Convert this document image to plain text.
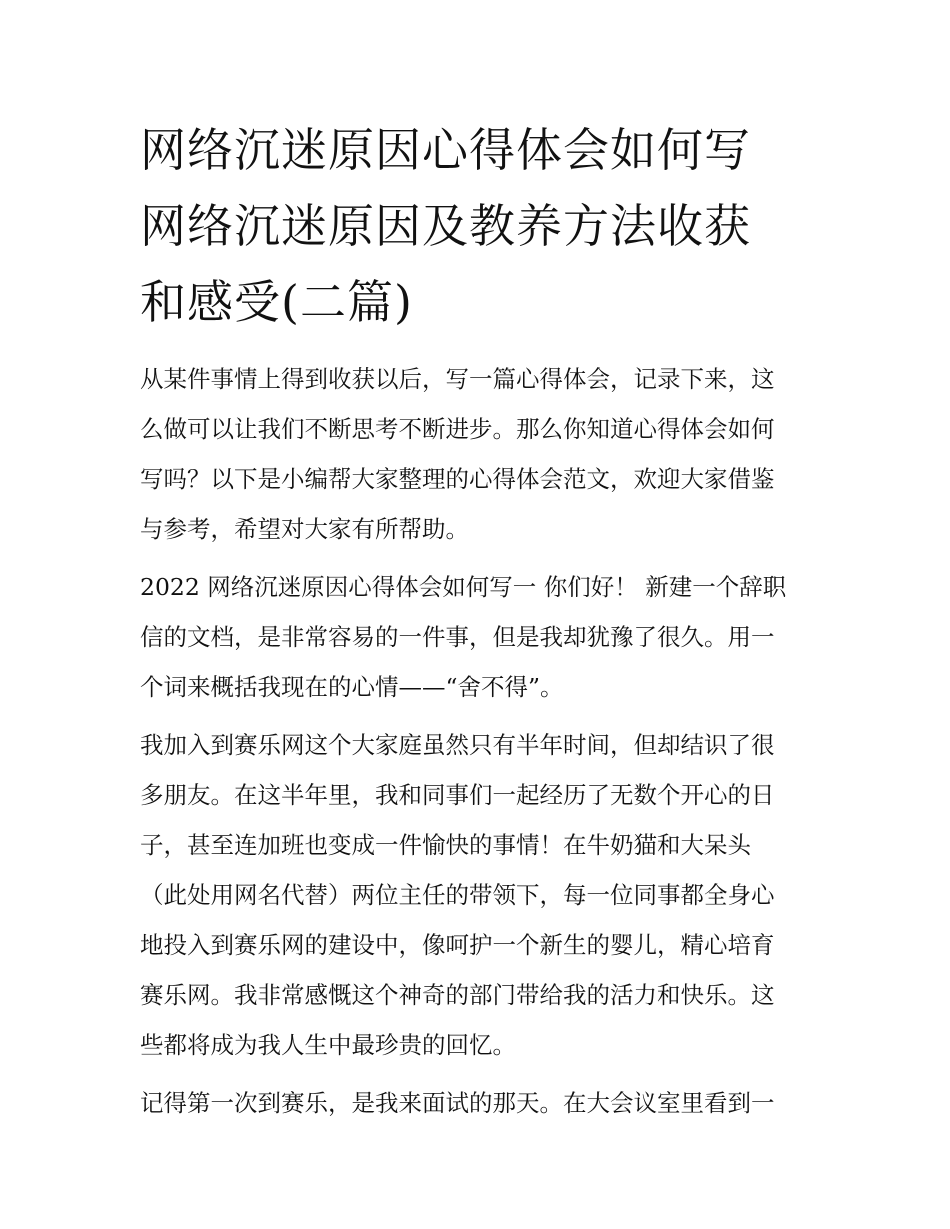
网络沉迷原因心得体会如何写
网络沉迷原因及教养方法收获
和感受(二篇)

从某件事情上得到收获以后，写一篇心得体会，记录下来，这
么做可以让我们不断思考不断进步。那么你知道心得体会如何
写吗？以下是小编帮大家整理的心得体会范文，欢迎大家借鉴
与参考，希望对大家有所帮助。

2022 网络沉迷原因心得体会如何写一 你们好！ 新建一个辞职
信的文档，是非常容易的一件事，但是我却犹豫了很久。用一
个词来概括我现在的心情——“舍不得”。

我加入到赛乐网这个大家庭虽然只有半年时间，但却结识了很
多朋友。在这半年里，我和同事们一起经历了无数个开心的日
子，甚至连加班也变成一件愉快的事情！在牛奶猫和大呆头
（此处用网名代替）两位主任的带领下，每一位同事都全身心
地投入到赛乐网的建设中，像呵护一个新生的婴儿，精心培育
赛乐网。我非常感慨这个神奇的部门带给我的活力和快乐。这
些都将成为我人生中最珍贵的回忆。

记得第一次到赛乐，是我来面试的那天。在大会议室里看到一
